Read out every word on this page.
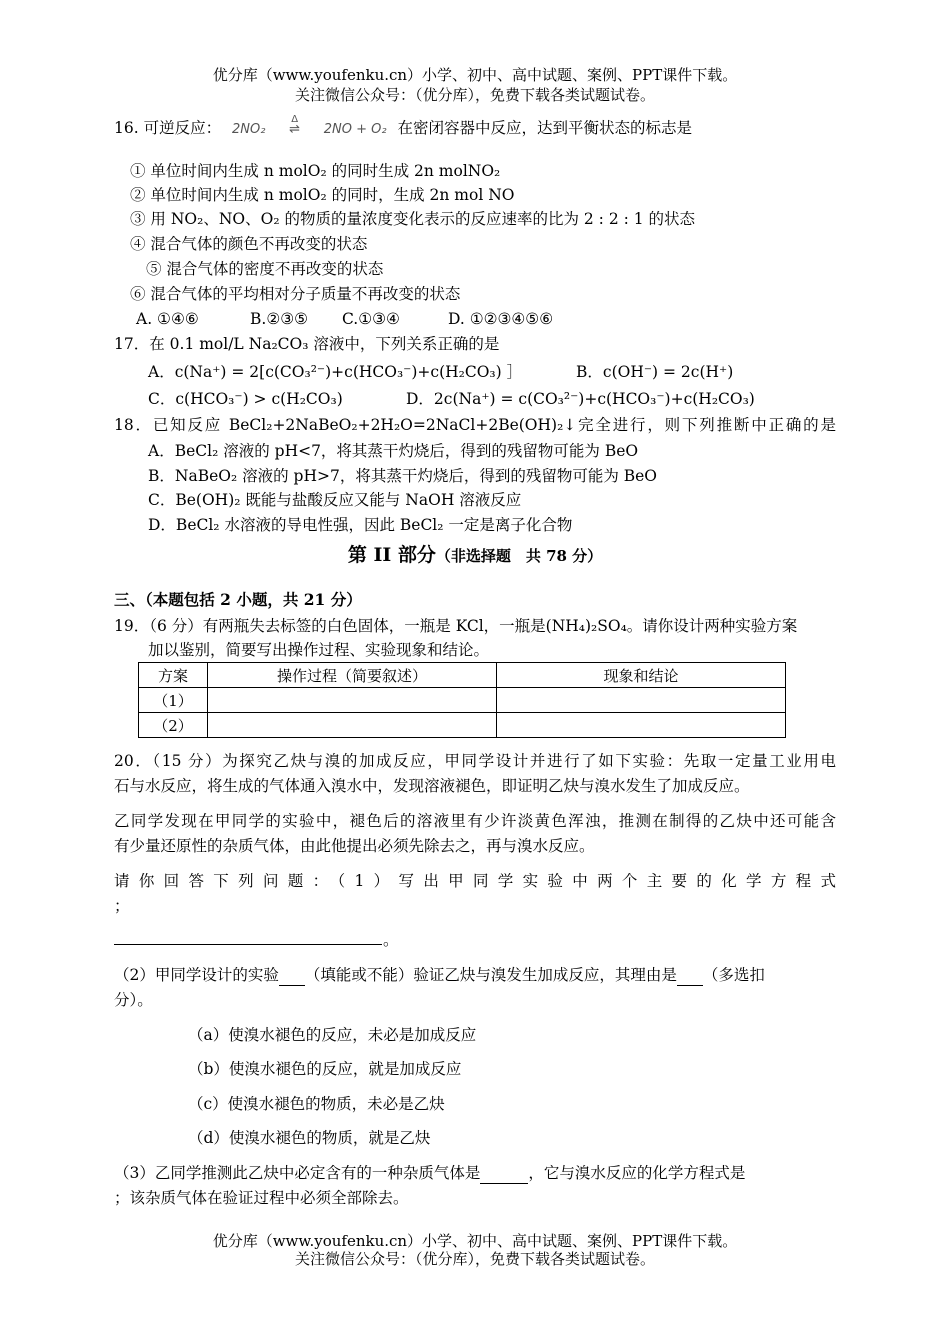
优分库（www.youfenku.cn）小学、初中、高中试题、案例、PPT课件下载。
关注微信公众号：（优分库），免费下载各类试题试卷。
16. 可逆反应： 2NO₂
Δ
⇌ 2NO + O₂ 在密闭容器中反应，达到平衡状态的标志是
① 单位时间内生成 n molO₂ 的同时生成 2n molNO₂
② 单位时间内生成 n molO₂ 的同时，生成 2n mol NO
③ 用 NO₂、NO、O₂ 的物质的量浓度变化表示的反应速率的比为 2 : 2 : 1 的状态
④ 混合气体的颜色不再改变的状态
⑤ 混合气体的密度不再改变的状态
⑥ 混合气体的平均相对分子质量不再改变的状态
A. ①④⑥	B.②③⑤ C.①③④	D. ①②③④⑤⑥
17．在 0.1 mol/L Na₂CO₃ 溶液中，下列关系正确的是
A．c(Na⁺) = 2[c(CO₃²⁻)+c(HCO₃⁻)+c(H₂CO₃) ］	B．c(OH⁻) = 2c(H⁺)
C．c(HCO₃⁻) > c(H₂CO₃)	D．2c(Na⁺) = c(CO₃²⁻)+c(HCO₃⁻)+c(H₂CO₃)
18．已知反应 BeCl₂+2NaBeO₂+2H₂O=2NaCl+2Be(OH)₂↓完全进行，则下列推断中正确的是
A．BeCl₂ 溶液的 pH<7，将其蒸干灼烧后，得到的残留物可能为 BeO
B．NaBeO₂ 溶液的 pH>7，将其蒸干灼烧后，得到的残留物可能为 BeO
C．Be(OH)₂ 既能与盐酸反应又能与 NaOH 溶液反应
D．BeCl₂ 水溶液的导电性强，因此 BeCl₂ 一定是离子化合物
第 II 部分（非选择题　共 78 分）
三、（本题包括 2 小题，共 21 分）
19．（6 分）有两瓶失去标签的白色固体，一瓶是 KCl，一瓶是(NH₄)₂SO₄。请你设计两种实验方案
加以鉴别，简要写出操作过程、实验现象和结论。
方案	操作过程（简要叙述）	现象和结论
（1）		
（2）		
20．（15 分）为探究乙炔与溴的加成反应，甲同学设计并进行了如下实验：先取一定量工业用电
石与水反应，将生成的气体通入溴水中，发现溶液褪色，即证明乙炔与溴水发生了加成反应。
乙同学发现在甲同学的实验中，褪色后的溶液里有少许淡黄色浑浊，推测在制得的乙炔中还可能含
有少量还原性的杂质气体，由此他提出必须先除去之，再与溴水反应。
请你回答下列问题：（1）写出甲同学实验中两个主要的化学方程式
；
。
（2）甲同学设计的实验 （填能或不能）验证乙炔与溴发生加成反应，其理由是 （多选扣
分）。
（a）使溴水褪色的反应，未必是加成反应
（b）使溴水褪色的反应，就是加成反应
（c）使溴水褪色的物质，未必是乙炔
（d）使溴水褪色的物质，就是乙炔
（3）乙同学推测此乙炔中必定含有的一种杂质气体是	，它与溴水反应的化学方程式是
；该杂质气体在验证过程中必须全部除去。
优分库（www.youfenku.cn）小学、初中、高中试题、案例、PPT课件下载。
关注微信公众号：（优分库），免费下载各类试题试卷。
